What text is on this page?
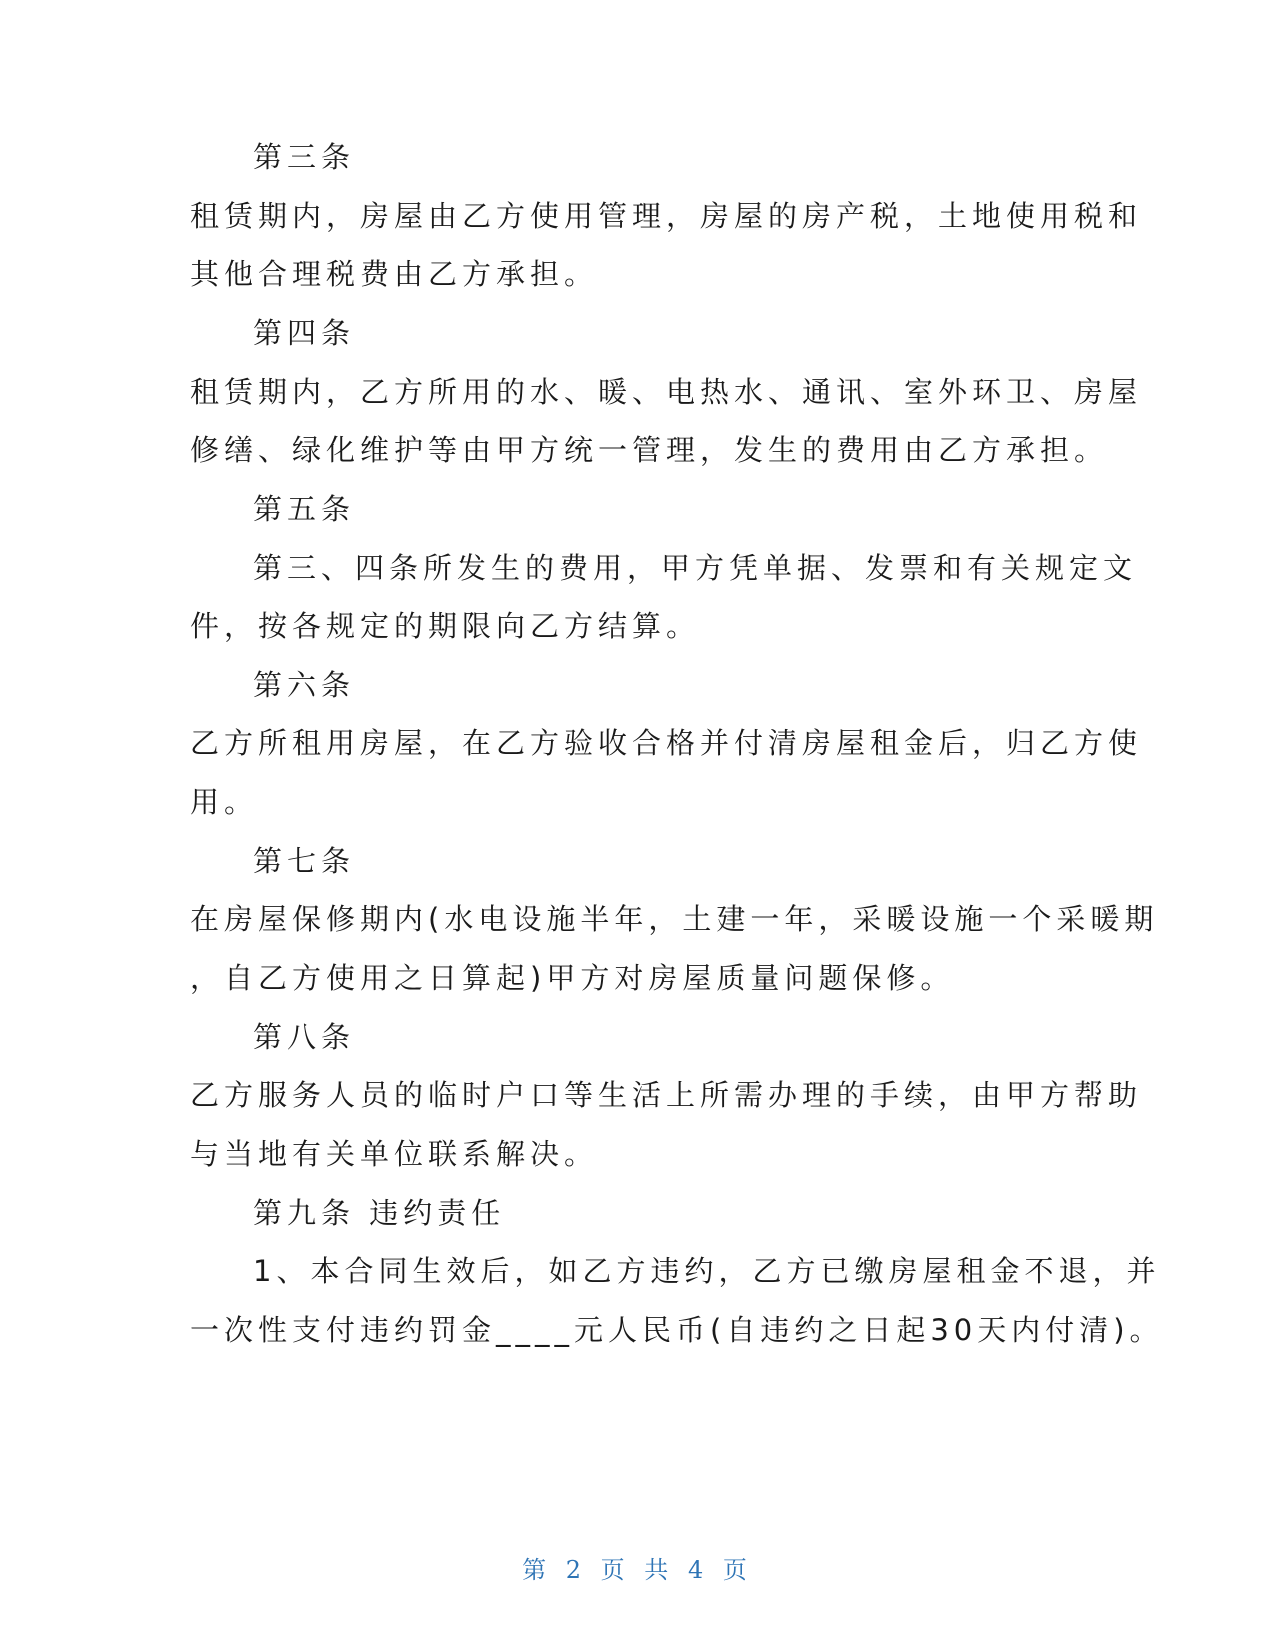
第三条

租赁期内，房屋由乙方使用管理，房屋的房产税，土地使用税和

其他合理税费由乙方承担。

第四条

租赁期内，乙方所用的水、暖、电热水、通讯、室外环卫、房屋

修缮、绿化维护等由甲方统一管理，发生的费用由乙方承担。

第五条

第三、四条所发生的费用，甲方凭单据、发票和有关规定文

件，按各规定的期限向乙方结算。

第六条

乙方所租用房屋，在乙方验收合格并付清房屋租金后，归乙方使

用。

第七条

在房屋保修期内(水电设施半年，土建一年，采暖设施一个采暖期

，自乙方使用之日算起)甲方对房屋质量问题保修。

第八条

乙方服务人员的临时户口等生活上所需办理的手续，由甲方帮助

与当地有关单位联系解决。

第九条 违约责任

1、本合同生效后，如乙方违约，乙方已缴房屋租金不退，并

一次性支付违约罚金____元人民币(自违约之日起30天内付清)。

第 2 页 共 4 页
